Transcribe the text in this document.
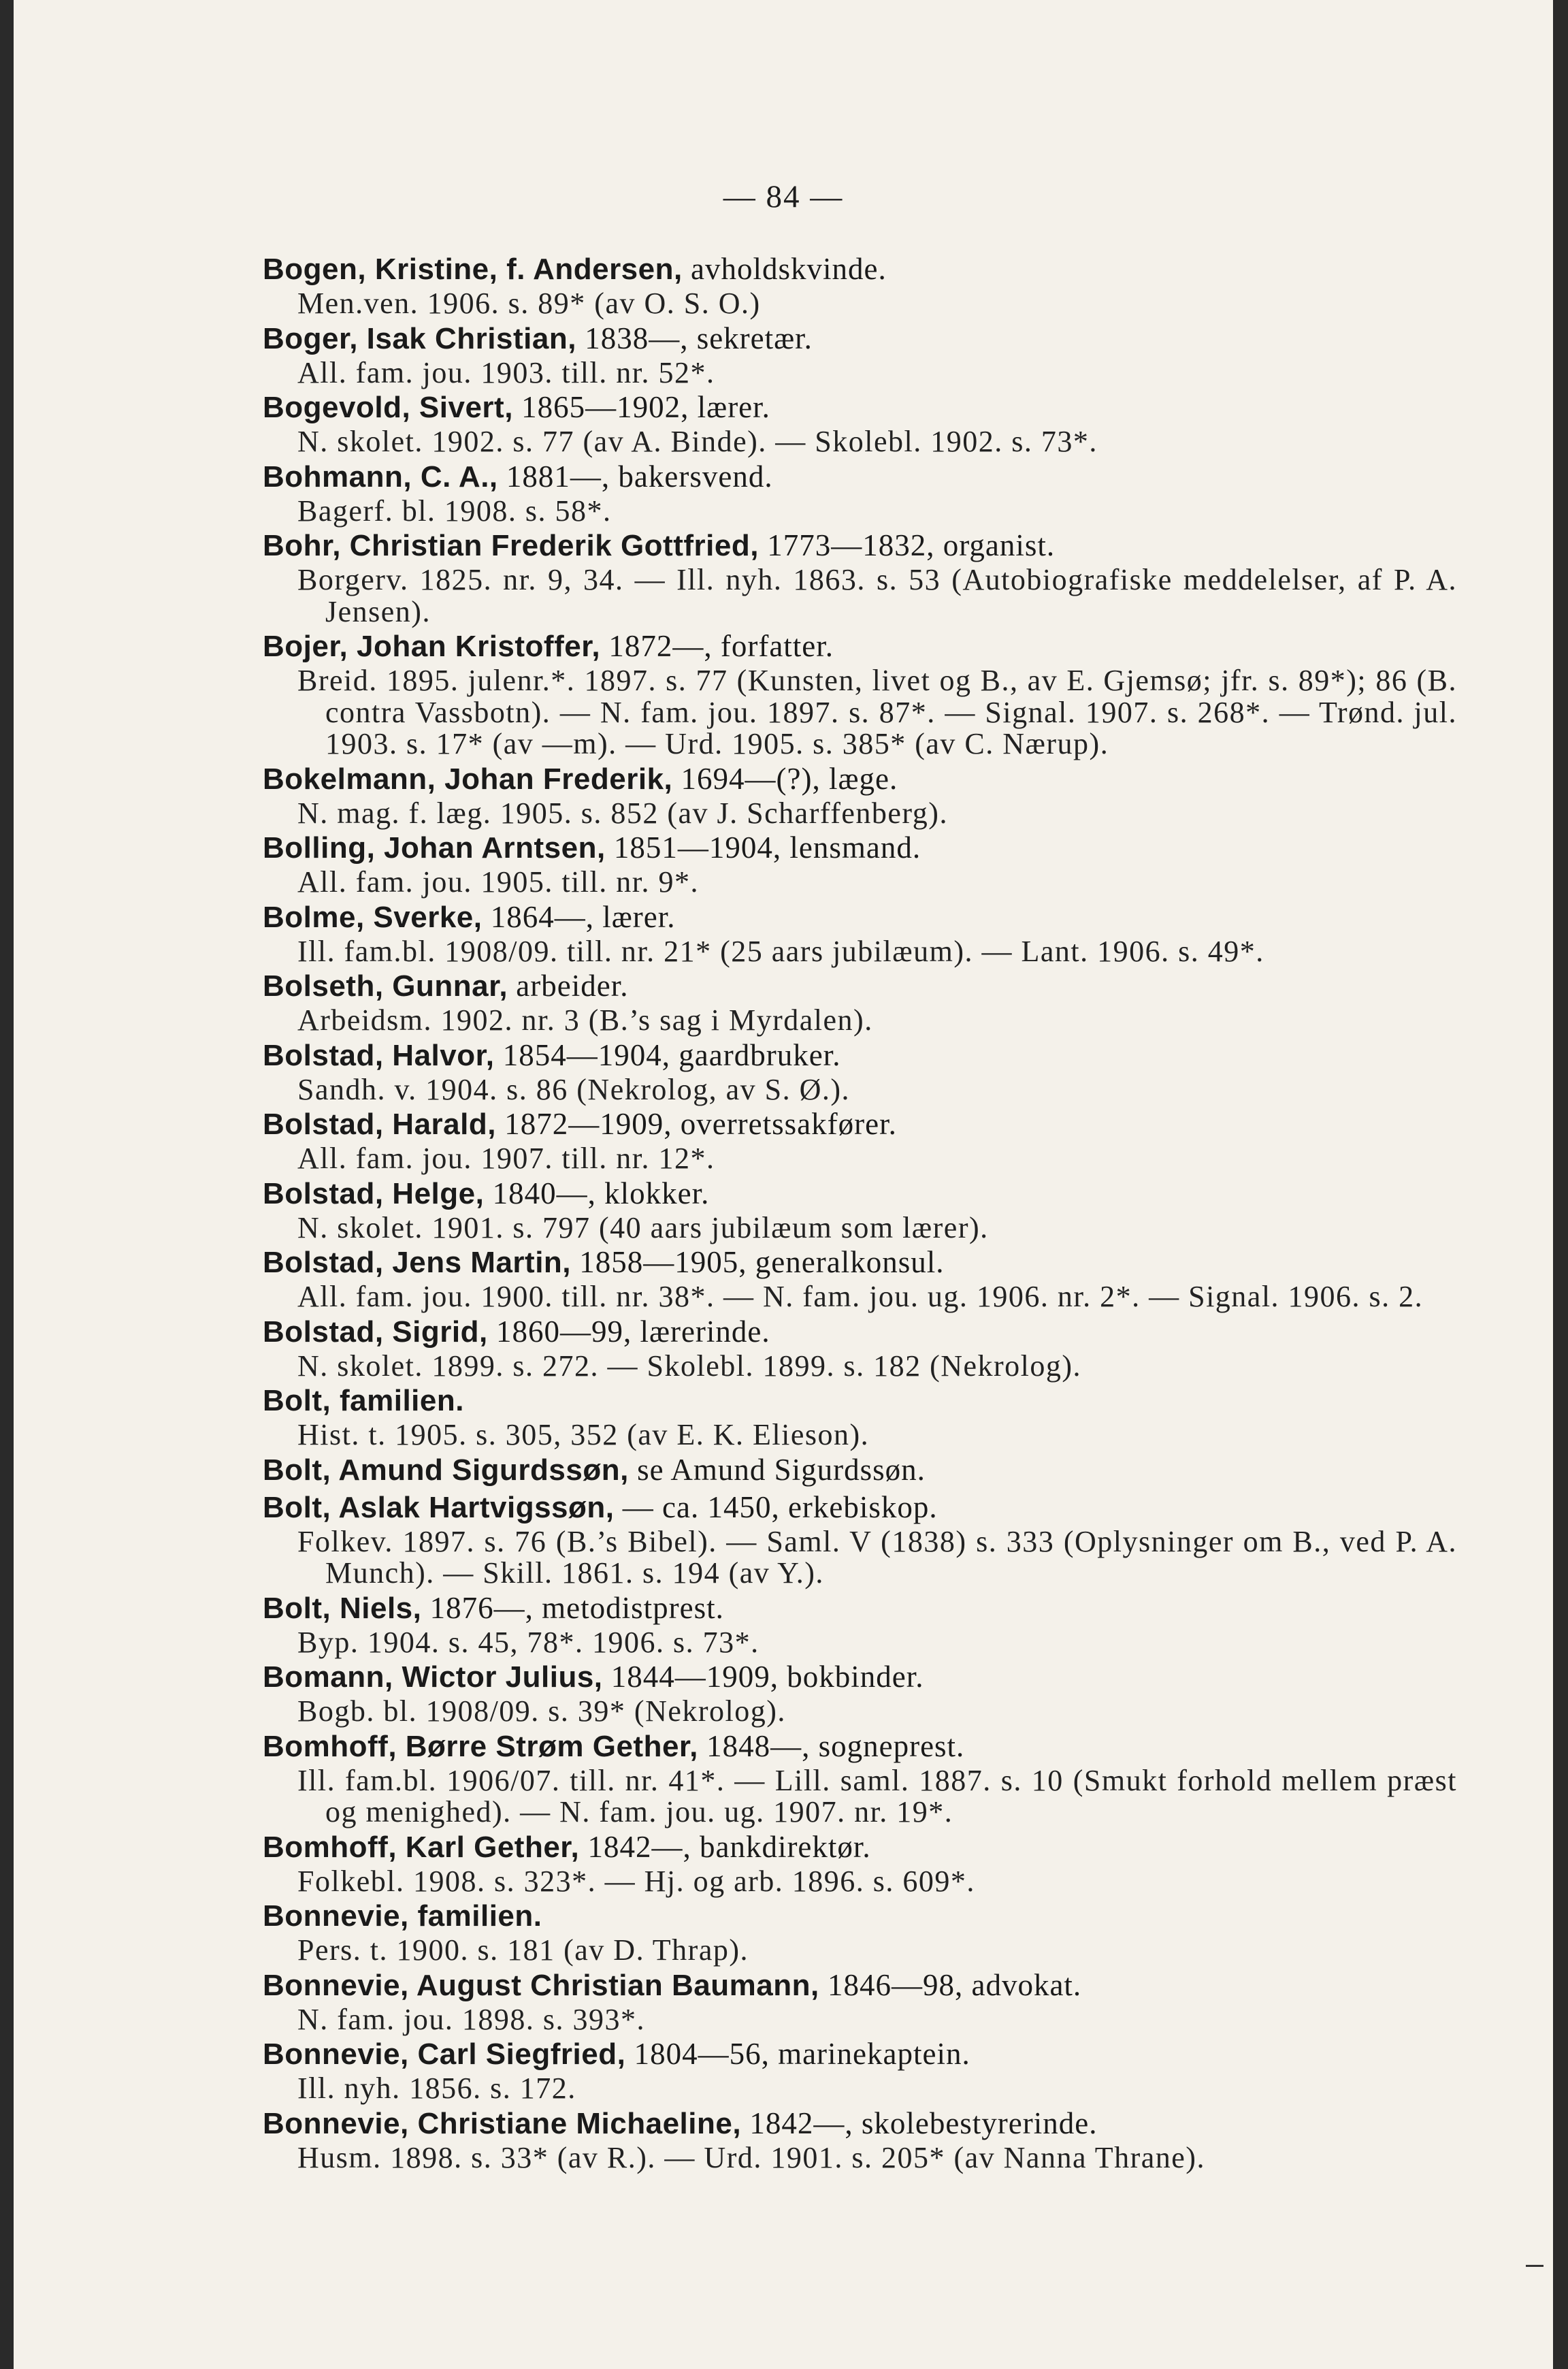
— 84 —
Bogen, Kristine, f. Andersen, avholdskvinde.
Men.ven. 1906. s. 89* (av O. S. O.)
Boger, Isak Christian, 1838—, sekretær.
All. fam. jou. 1903. till. nr. 52*.
Bogevold, Sivert, 1865—1902, lærer.
N. skolet. 1902. s. 77 (av A. Binde). — Skolebl. 1902. s. 73*.
Bohmann, C. A., 1881—, bakersvend.
Bagerf. bl. 1908. s. 58*.
Bohr, Christian Frederik Gottfried, 1773—1832, organist.
Borgerv. 1825. nr. 9, 34. — Ill. nyh. 1863. s. 53 (Autobiografiske meddelelser, af P. A. Jensen).
Bojer, Johan Kristoffer, 1872—, forfatter.
Breid. 1895. julenr.*. 1897. s. 77 (Kunsten, livet og B., av E. Gjemsø; jfr. s. 89*); 86 (B. contra Vassbotn). — N. fam. jou. 1897. s. 87*. — Signal. 1907. s. 268*. — Trønd. jul. 1903. s. 17* (av —m). — Urd. 1905. s. 385* (av C. Nærup).
Bokelmann, Johan Frederik, 1694—(?), læge.
N. mag. f. læg. 1905. s. 852 (av J. Scharffenberg).
Bolling, Johan Arntsen, 1851—1904, lensmand.
All. fam. jou. 1905. till. nr. 9*.
Bolme, Sverke, 1864—, lærer.
Ill. fam.bl. 1908/09. till. nr. 21* (25 aars jubilæum). — Lant. 1906. s. 49*.
Bolseth, Gunnar, arbeider.
Arbeidsm. 1902. nr. 3 (B.’s sag i Myrdalen).
Bolstad, Halvor, 1854—1904, gaardbruker.
Sandh. v. 1904. s. 86 (Nekrolog, av S. Ø.).
Bolstad, Harald, 1872—1909, overretssakfører.
All. fam. jou. 1907. till. nr. 12*.
Bolstad, Helge, 1840—, klokker.
N. skolet. 1901. s. 797 (40 aars jubilæum som lærer).
Bolstad, Jens Martin, 1858—1905, generalkonsul.
All. fam. jou. 1900. till. nr. 38*. — N. fam. jou. ug. 1906. nr. 2*. — Signal. 1906. s. 2.
Bolstad, Sigrid, 1860—99, lærerinde.
N. skolet. 1899. s. 272. — Skolebl. 1899. s. 182 (Nekrolog).
Bolt, familien.
Hist. t. 1905. s. 305, 352 (av E. K. Elieson).
Bolt, Amund Sigurdssøn, se Amund Sigurdssøn.
Bolt, Aslak Hartvigssøn, — ca. 1450, erkebiskop.
Folkev. 1897. s. 76 (B.’s Bibel). — Saml. V (1838) s. 333 (Oplysninger om B., ved P. A. Munch). — Skill. 1861. s. 194 (av Y.).
Bolt, Niels, 1876—, metodistprest.
Byp. 1904. s. 45, 78*. 1906. s. 73*.
Bomann, Wictor Julius, 1844—1909, bokbinder.
Bogb. bl. 1908/09. s. 39* (Nekrolog).
Bomhoff, Børre Strøm Gether, 1848—, sogneprest.
Ill. fam.bl. 1906/07. till. nr. 41*. — Lill. saml. 1887. s. 10 (Smukt forhold mellem præst og menighed). — N. fam. jou. ug. 1907. nr. 19*.
Bomhoff, Karl Gether, 1842—, bankdirektør.
Folkebl. 1908. s. 323*. — Hj. og arb. 1896. s. 609*.
Bonnevie, familien.
Pers. t. 1900. s. 181 (av D. Thrap).
Bonnevie, August Christian Baumann, 1846—98, advokat.
N. fam. jou. 1898. s. 393*.
Bonnevie, Carl Siegfried, 1804—56, marinekaptein.
Ill. nyh. 1856. s. 172.
Bonnevie, Christiane Michaeline, 1842—, skolebestyrerinde.
Husm. 1898. s. 33* (av R.). — Urd. 1901. s. 205* (av Nanna Thrane).
